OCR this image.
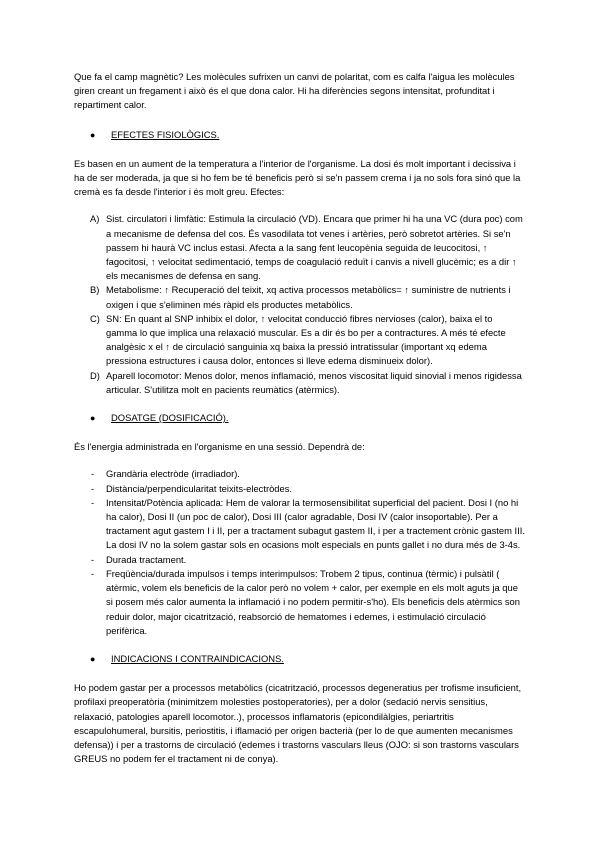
Que fa el camp magnètic? Les molècules sufrixen un canvi de polaritat, com es calfa l'aigua les molècules giren creant un fregament i això és el que dona calor. Hi ha diferències segons intensitat, profunditat i repartiment calor.

●	EFECTES FISIOLÒGICS.

Es basen en un aument de la temperatura a l'interior de l'organisme. La dosi és molt important i decissiva i ha de ser moderada, ja que si ho fem be té beneficis però si se'n passem crema i ja no sols fora sinó que la cremà es fa desde l'interior i és molt greu. Efectes:

A) Sist. circulatori i limfàtic: Estimula la circulació (VD). Encara que primer hi ha una VC (dura poc) com a mecanisme de defensa del cos. És vasodilata tot venes i artèries, però sobretot artèries. Si se'n passem hi haurà VC inclus estasi. Afecta a la sang fent leucopènia seguida de leucocitosi, ↑ fagocitosi, ↑ velocitat sedimentació, temps de coagulació reduït i canvis a nivell glucèmic; es a dir ↑ els mecanismes de defensa en sang.
B) Metabolisme: ↑ Recuperació del teixit, xq activa processos metabòlics= ↑ suministre de nutrients i oxigen i que s'eliminen més ràpid els productes metabòlics.
C) SN: En quant al SNP inhibix el dolor, ↑ velocitat conducció fibres nervioses (calor), baixa el to gamma lo que implica una relaxació muscular. Es a dir és bo per a contractures. A més té efecte analgèsic x el ↑ de circulació sanguinia xq baixa la pressió intratissular (important xq edema pressiona estructures i causa dolor, entonces si lleve edema disminueix dolor).
D) Aparell locomotor: Menos dolor, menos inflamació, menos viscositat liquid sinovial i menos rigidessa articular. S'utilitza molt en pacients reumàtics (atèrmics).
●	DOSATGE (DOSIFICACIÓ).

És l'energia administrada en l'organisme en una sessió. Dependrà de:

-	Grandària electròde (irradiador).
-	Distància/perpendicularitat teixits-electròdes.
-	Intensitat/Potència aplicada: Hem de valorar la termosensibilitat superficial del pacient. Dosi I (no hi ha calor), Dosi II (un poc de calor), Dosi III (calor agradable, Dosi IV (calor insoportable). Per a tractament agut gastem I i II, per a tractament subagut gastem II, i per a tractement crònic gastem III. La dosi IV no la solem gastar sols en ocasions molt especials en punts gallet i no dura més de 3-4s.
-	Durada tractament.
-	Freqüència/durada impulsos i temps interimpulsos: Trobem 2 tipus, continua (tèrmic) i pulsàtil ( atèrmic, volem els beneficis de la calor però no volem + calor, per exemple en els molt aguts ja que si posem més calor aumenta la inflamació i no podem permitir-s'ho). Els beneficis dels atèrmics son reduir dolor, major cicatrització, reabsorció de hematomes i edemes, i estimulació circulació perifèrica.
●	INDICACIONS I CONTRAINDICACIONS.

Ho podem gastar per a processos metabòlics (cicatrització, processos degeneratius per trofisme insuficient, profilaxi preoperatòria (minimitzem molesties postoperatories), per a dolor (sedació nervis sensitius, relaxació, patologies aparell locomotor..), processos inflamatoris (epicondilàlgies, periartritis escapulohumeral, bursitis, periostitis, i iflamació per origen bacterià (per lo de que aumenten mecanismes defensa)) i per a trastorns de circulació (edemes i trastorns vasculars lleus (OJO: si son trastorns vasculars GREUS no podem fer el tractament ni de conya).
